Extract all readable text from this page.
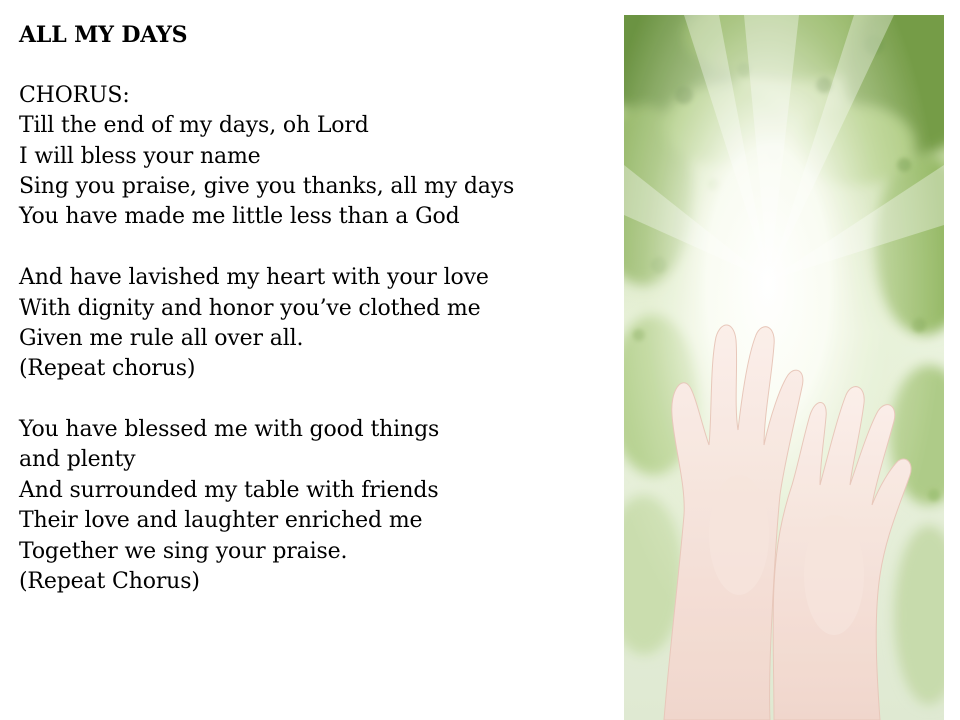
ALL MY DAYS
CHORUS:
Till the end of my days, oh Lord
I will bless your name
Sing you praise, give you thanks, all my days
You have made me little less than a God
And have lavished my heart with your love
With dignity and honor you’ve clothed me
Given me rule all over all.
(Repeat chorus)
You have blessed me with good things
and plenty
And surrounded my table with friends
Their love and laughter enriched me
Together we sing your praise.
(Repeat Chorus)
